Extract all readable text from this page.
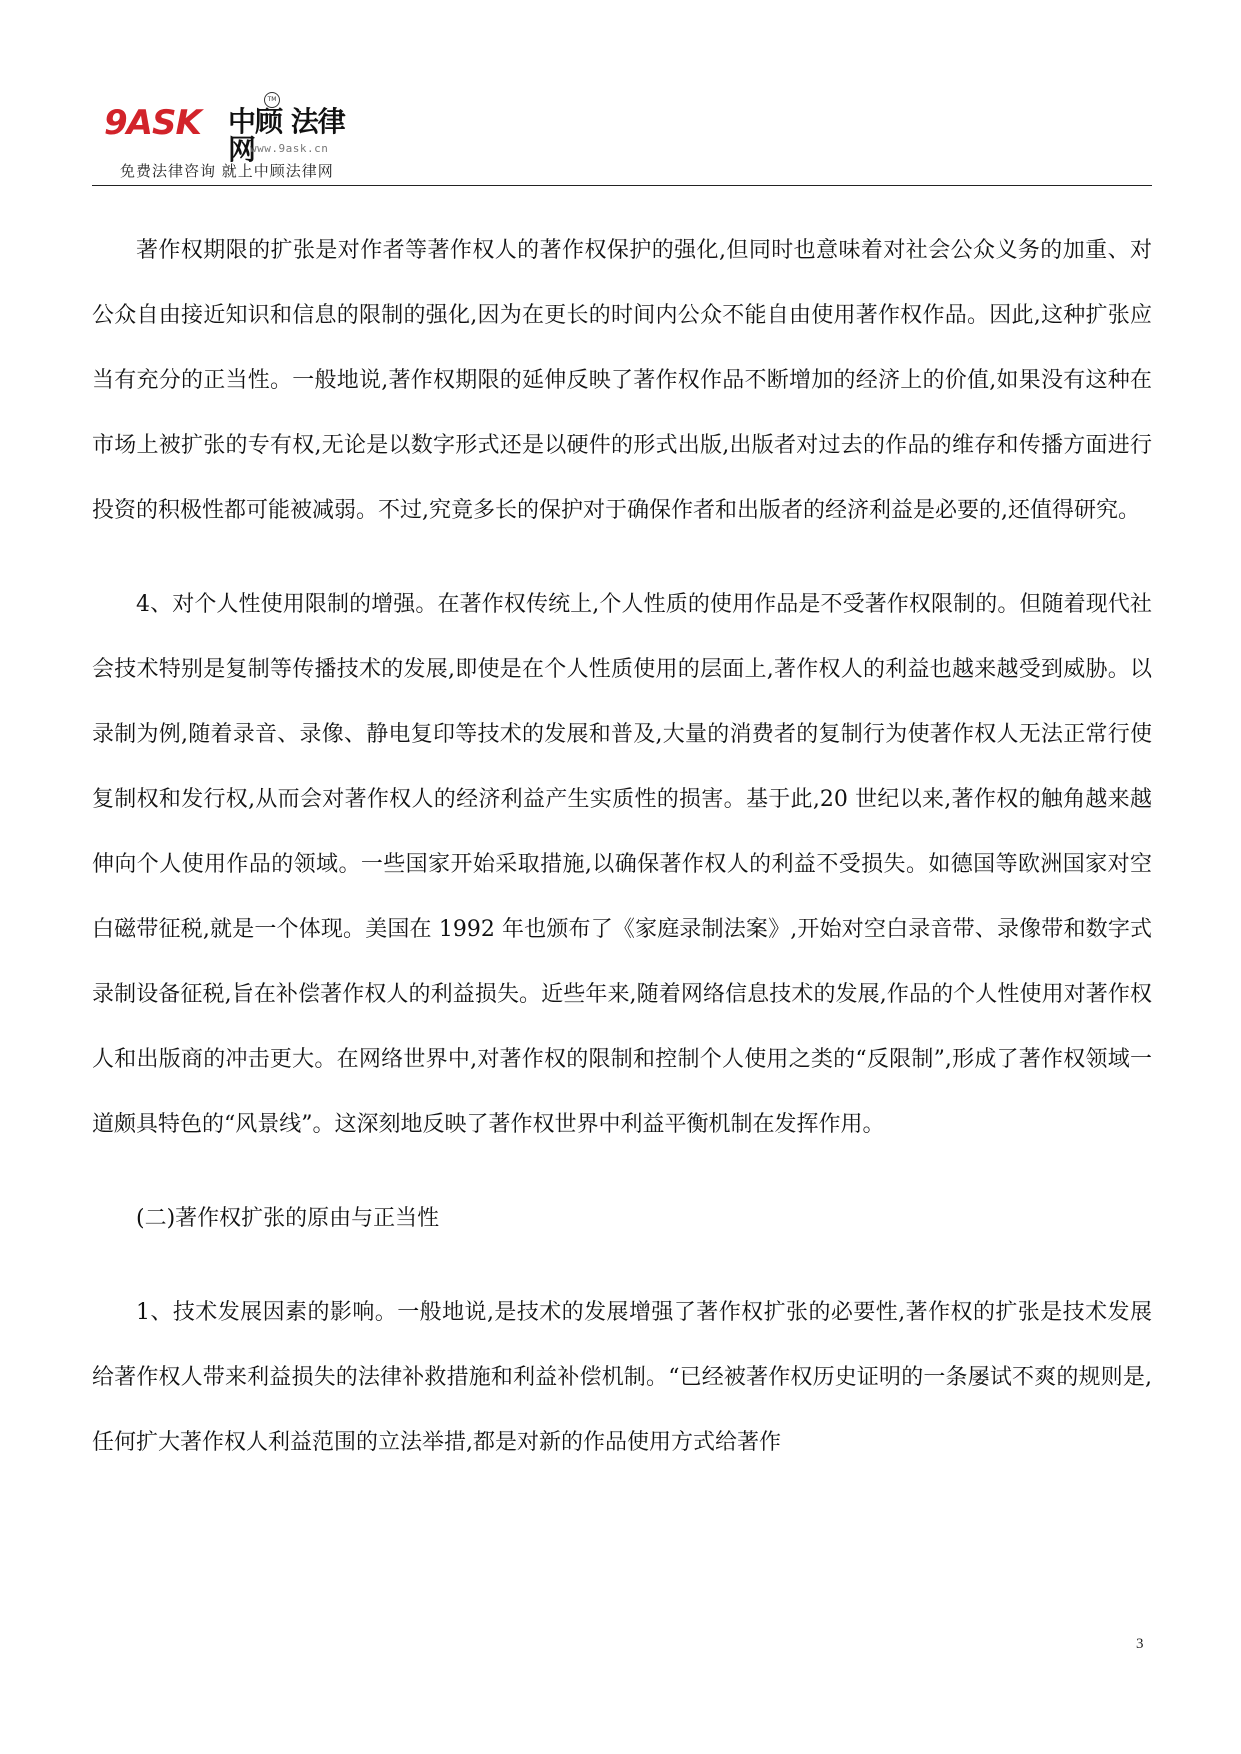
9ASK 中顾 法律网
TM
www.9ask.cn
免费法律咨询 就上中顾法律网

著作权期限的扩张是对作者等著作权人的著作权保护的强化,但同时也意味着对社会公众义务的加重、对公众自由接近知识和信息的限制的强化,因为在更长的时间内公众不能自由使用著作权作品。因此,这种扩张应当有充分的正当性。一般地说,著作权期限的延伸反映了著作权作品不断增加的经济上的价值,如果没有这种在市场上被扩张的专有权,无论是以数字形式还是以硬件的形式出版,出版者对过去的作品的维存和传播方面进行投资的积极性都可能被减弱。不过,究竟多长的保护对于确保作者和出版者的经济利益是必要的,还值得研究。

4、对个人性使用限制的增强。在著作权传统上,个人性质的使用作品是不受著作权限制的。但随着现代社会技术特别是复制等传播技术的发展,即使是在个人性质使用的层面上,著作权人的利益也越来越受到威胁。以录制为例,随着录音、录像、静电复印等技术的发展和普及,大量的消费者的复制行为使著作权人无法正常行使复制权和发行权,从而会对著作权人的经济利益产生实质性的损害。基于此,20 世纪以来,著作权的触角越来越伸向个人使用作品的领域。一些国家开始采取措施,以确保著作权人的利益不受损失。如德国等欧洲国家对空白磁带征税,就是一个体现。美国在 1992 年也颁布了《家庭录制法案》,开始对空白录音带、录像带和数字式录制设备征税,旨在补偿著作权人的利益损失。近些年来,随着网络信息技术的发展,作品的个人性使用对著作权人和出版商的冲击更大。在网络世界中,对著作权的限制和控制个人使用之类的“反限制”,形成了著作权领域一道颇具特色的“风景线”。这深刻地反映了著作权世界中利益平衡机制在发挥作用。

(二)著作权扩张的原由与正当性

1、技术发展因素的影响。一般地说,是技术的发展增强了著作权扩张的必要性,著作权的扩张是技术发展给著作权人带来利益损失的法律补救措施和利益补偿机制。“已经被著作权历史证明的一条屡试不爽的规则是,任何扩大著作权人利益范围的立法举措,都是对新的作品使用方式给著作

3
